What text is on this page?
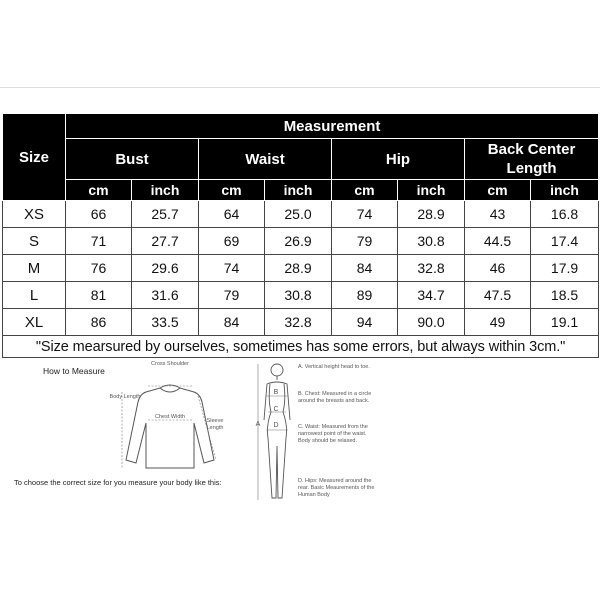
Size	Measurement							
	Bust		Waist		Hip		Back Center Length	
	cm	inch	cm	inch	cm	inch	cm	inch
XS	66	25.7	64	25.0	74	28.9	43	16.8
S	71	27.7	69	26.9	79	30.8	44.5	17.4
M	76	29.6	74	28.9	84	32.8	46	17.9
L	81	31.6	79	30.8	89	34.7	47.5	18.5
XL	86	33.5	84	32.8	94	90.0	49	19.1
"Size mearsured by ourselves, sometimes has some errors, but always within 3cm."								
How to Measure
To choose the correct size for you measure your body like this:
Cross Shoulder
Body Length
Chest Width
Sleeve Length	A
B
C
D
A. Vertical height head to toe.
B. Chest: Measured in a circle around the breasts and back.
C. Waist: Measured from the narrowest point of the waist. Body should be relaxed.
D. Hips: Measured around the rear. Basic Meaurements of the Human Body
